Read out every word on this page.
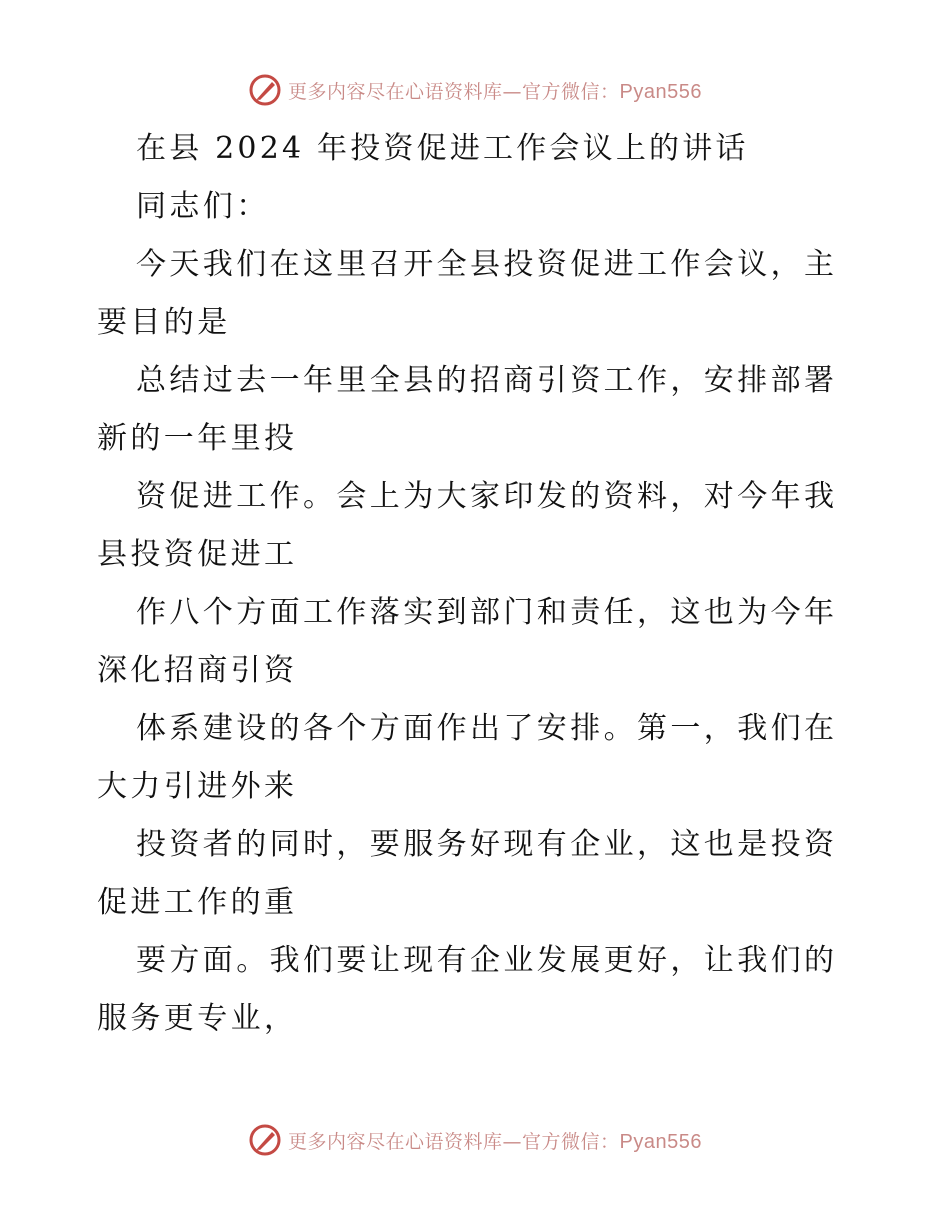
更多内容尽在心语资料库—官方微信：Pyan556
在县 2024 年投资促进工作会议上的讲话
同志们：
今天我们在这里召开全县投资促进工作会议，主
要目的是
总结过去一年里全县的招商引资工作，安排部署
新的一年里投
资促进工作。会上为大家印发的资料，对今年我
县投资促进工
作八个方面工作落实到部门和责任，这也为今年
深化招商引资
体系建设的各个方面作出了安排。第一，我们在
大力引进外来
投资者的同时，要服务好现有企业，这也是投资
促进工作的重
要方面。我们要让现有企业发展更好，让我们的
服务更专业，
更多内容尽在心语资料库—官方微信：Pyan556
